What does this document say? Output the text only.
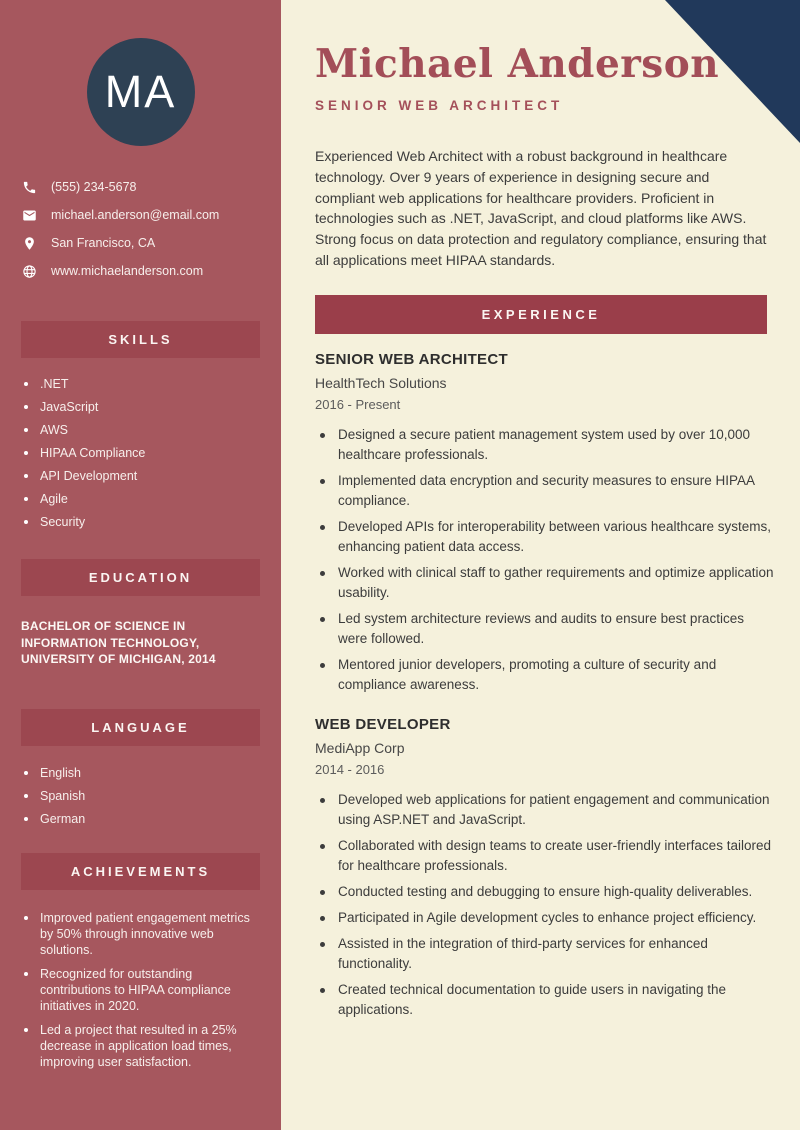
MA
(555) 234-5678
michael.anderson@email.com
San Francisco, CA
www.michaelanderson.com
SKILLS
.NET
JavaScript
AWS
HIPAA Compliance
API Development
Agile
Security
EDUCATION

BACHELOR OF SCIENCE IN INFORMATION TECHNOLOGY, UNIVERSITY OF MICHIGAN, 2014

LANGUAGE
English
Spanish
German
ACHIEVEMENTS
Improved patient engagement metrics by 50% through innovative web solutions.
Recognized for outstanding contributions to HIPAA compliance initiatives in 2020.
Led a project that resulted in a 25% decrease in application load times, improving user satisfaction.
Michael Anderson
SENIOR WEB ARCHITECT

Experienced Web Architect with a robust background in healthcare technology. Over 9 years of experience in designing secure and compliant web applications for healthcare providers. Proficient in technologies such as .NET, JavaScript, and cloud platforms like AWS. Strong focus on data protection and regulatory compliance, ensuring that all applications meet HIPAA standards.

EXPERIENCE
SENIOR WEB ARCHITECT
HealthTech Solutions
2016 - Present
Designed a secure patient management system used by over 10,000 healthcare professionals.
Implemented data encryption and security measures to ensure HIPAA compliance.
Developed APIs for interoperability between various healthcare systems, enhancing patient data access.
Worked with clinical staff to gather requirements and optimize application usability.
Led system architecture reviews and audits to ensure best practices were followed.
Mentored junior developers, promoting a culture of security and compliance awareness.
WEB DEVELOPER
MediApp Corp
2014 - 2016
Developed web applications for patient engagement and communication using ASP.NET and JavaScript.
Collaborated with design teams to create user-friendly interfaces tailored for healthcare professionals.
Conducted testing and debugging to ensure high-quality deliverables.
Participated in Agile development cycles to enhance project efficiency.
Assisted in the integration of third-party services for enhanced functionality.
Created technical documentation to guide users in navigating the applications.
